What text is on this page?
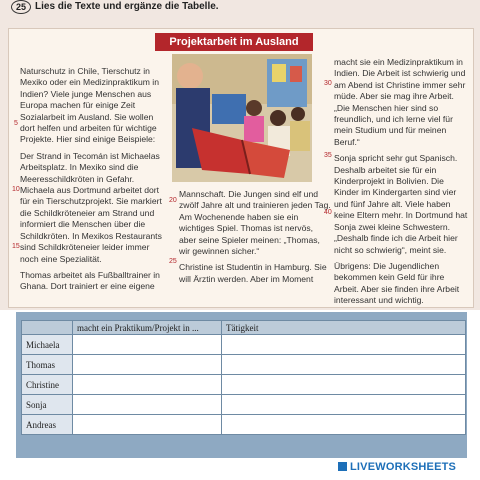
25 Lies die Texte und ergänze die Tabelle.
Projektarbeit im Ausland

Naturschutz in Chile, Tierschutz in Mexiko oder ein Medizinpraktikum in Indien? Viele junge Menschen aus Europa machen für einige Zeit Sozialarbeit im Ausland. Sie wollen dort helfen und arbeiten für wichtige Projekte. Hier sind einige Beispiele:

Der Strand in Tecomán ist Michaelas Arbeitsplatz. In Mexiko sind die Meeresschildkröten in Gefahr. Michaela aus Dortmund arbeitet dort für ein Tierschutzprojekt. Sie markiert die Schildkröteneier am Strand und informiert die Menschen über die Schildkröten. In Mexikos Restaurants sind Schildkröteneier leider immer noch eine Spezialität.

Thomas arbeitet als Fußballtrainer in Ghana. Dort trainiert er eine eigene

Mannschaft. Die Jungen sind elf und zwölf Jahre alt und trainieren jeden Tag. Am Wochenende haben sie ein wichtiges Spiel. Thomas ist nervös, aber seine Spieler meinen: „Thomas, wir gewinnen sicher.“

Christine ist Studentin in Hamburg. Sie will Ärztin werden. Aber im Moment

macht sie ein Medizinpraktikum in Indien. Die Arbeit ist schwierig und am Abend ist Christine immer sehr müde. Aber sie mag ihre Arbeit. „Die Menschen hier sind so freundlich, und ich lerne viel für mein Studium und für meinen Beruf.“

Sonja spricht sehr gut Spanisch. Deshalb arbeitet sie für ein Kinderprojekt in Bolivien. Die Kinder im Kindergarten sind vier und fünf Jahre alt. Viele haben keine Eltern mehr. In Dortmund hat Sonja zwei kleine Schwestern. „Deshalb finde ich die Arbeit hier nicht so schwierig“, meint sie.

Übrigens: Die Jugendlichen bekommen kein Geld für ihre Arbeit. Aber sie finden ihre Arbeit interessant und wichtig.

5
10
15
20
25
30
35
40
	macht ein Praktikum/Projekt in ...	Tätigkeit
Michaela		
Thomas		
Christine		
Sonja		
Andreas		
LIVEWORKSHEETS
